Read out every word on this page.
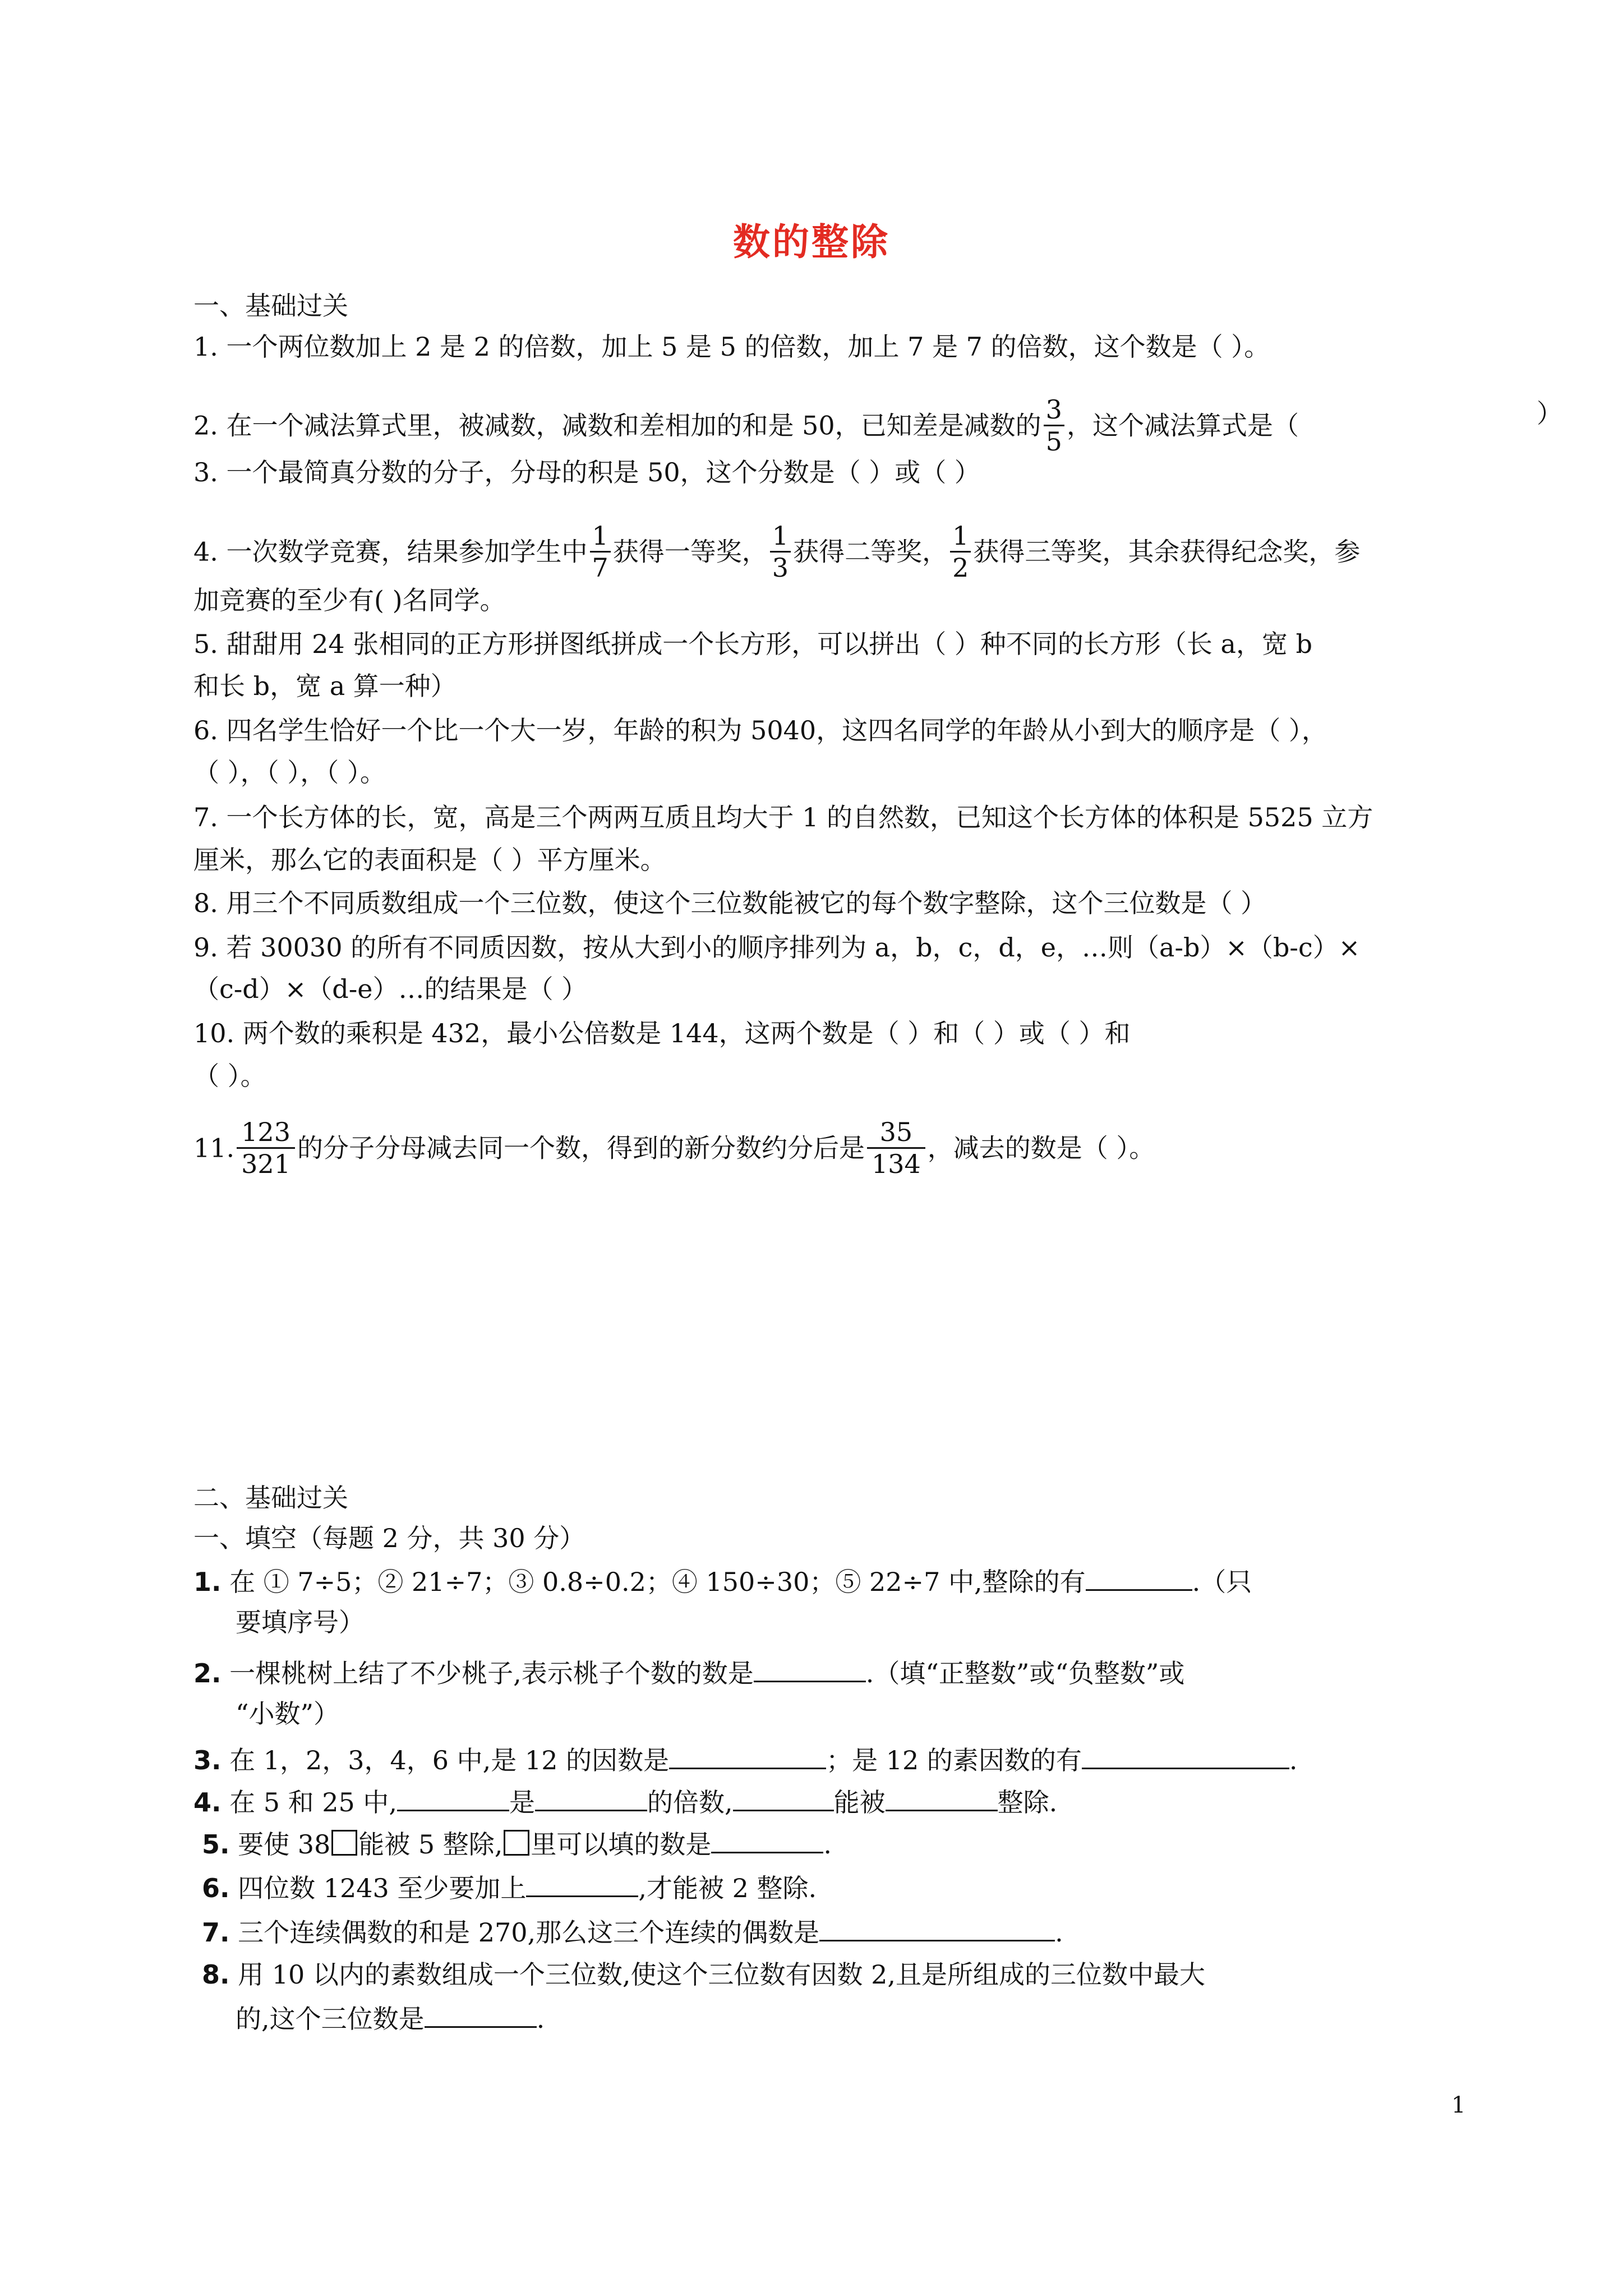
数的整除
一、基础过关
1. 一个两位数加上 2 是 2 的倍数，加上 5 是 5 的倍数，加上 7 是 7 的倍数，这个数是（ ）。
2. 在一个减法算式里，被减数，减数和差相加的和是 50，已知差是减数的 $\frac{3}{5}$ ，这个减法算式是（	）
3. 一个最简真分数的分子，分母的积是 50，这个分数是（ ）或（ ）
4. 一次数学竞赛，结果参加学生中 $\frac{1}{7}$ 获得一等奖， $\frac{1}{3}$ 获得二等奖， $\frac{1}{2}$ 获得三等奖，其余获得纪念奖，参
加竞赛的至少有( )名同学。
5. 甜甜用 24 张相同的正方形拼图纸拼成一个长方形，可以拼出（ ）种不同的长方形（长 a，宽 b
和长 b，宽 a 算一种）
6. 四名学生恰好一个比一个大一岁，年龄的积为 5040，这四名同学的年龄从小到大的顺序是（ ），
（ ），（ ），（ ）。
7. 一个长方体的长，宽，高是三个两两互质且均大于 1 的自然数，已知这个长方体的体积是 5525 立方
厘米，那么它的表面积是（ ）平方厘米。
8. 用三个不同质数组成一个三位数，使这个三位数能被它的每个数字整除，这个三位数是（ ）
9. 若 30030 的所有不同质因数，按从大到小的顺序排列为 a，b，c，d，e，…则（a-b）×（b-c）×
（c-d）×（d-e）…的结果是（ ）
10. 两个数的乘积是 432，最小公倍数是 144，这两个数是（ ）和（ ）或（ ）和
（ ）。
11. $\frac{123}{321}$ 的分子分母减去同一个数，得到的新分数约分后是 $\frac{35}{134}$ ，减去的数是（ ）。
二、基础过关
一、填空（每题 2 分，共 30 分）
1. 在 ① 7÷5；② 21÷7；③ 0.8÷0.2；④ 150÷30；⑤ 22÷7 中,整除的有	.（只
要填序号）
2. 一棵桃树上结了不少桃子,表示桃子个数的数是	.（填“正整数”或“负整数”或
“小数”）
3. 在 1，2，3，4，6 中,是 12 的因数是	；是 12 的素因数的有	.
4. 在 5 和 25 中,	是	的倍数,	能被	整除.
5. 要使 38 能被 5 整除, 里可以填的数是	.
6. 四位数 1243 至少要加上	,才能被 2 整除.
7. 三个连续偶数的和是 270,那么这三个连续的偶数是	.
8. 用 10 以内的素数组成一个三位数,使这个三位数有因数 2,且是所组成的三位数中最大
的,这个三位数是	.
1
